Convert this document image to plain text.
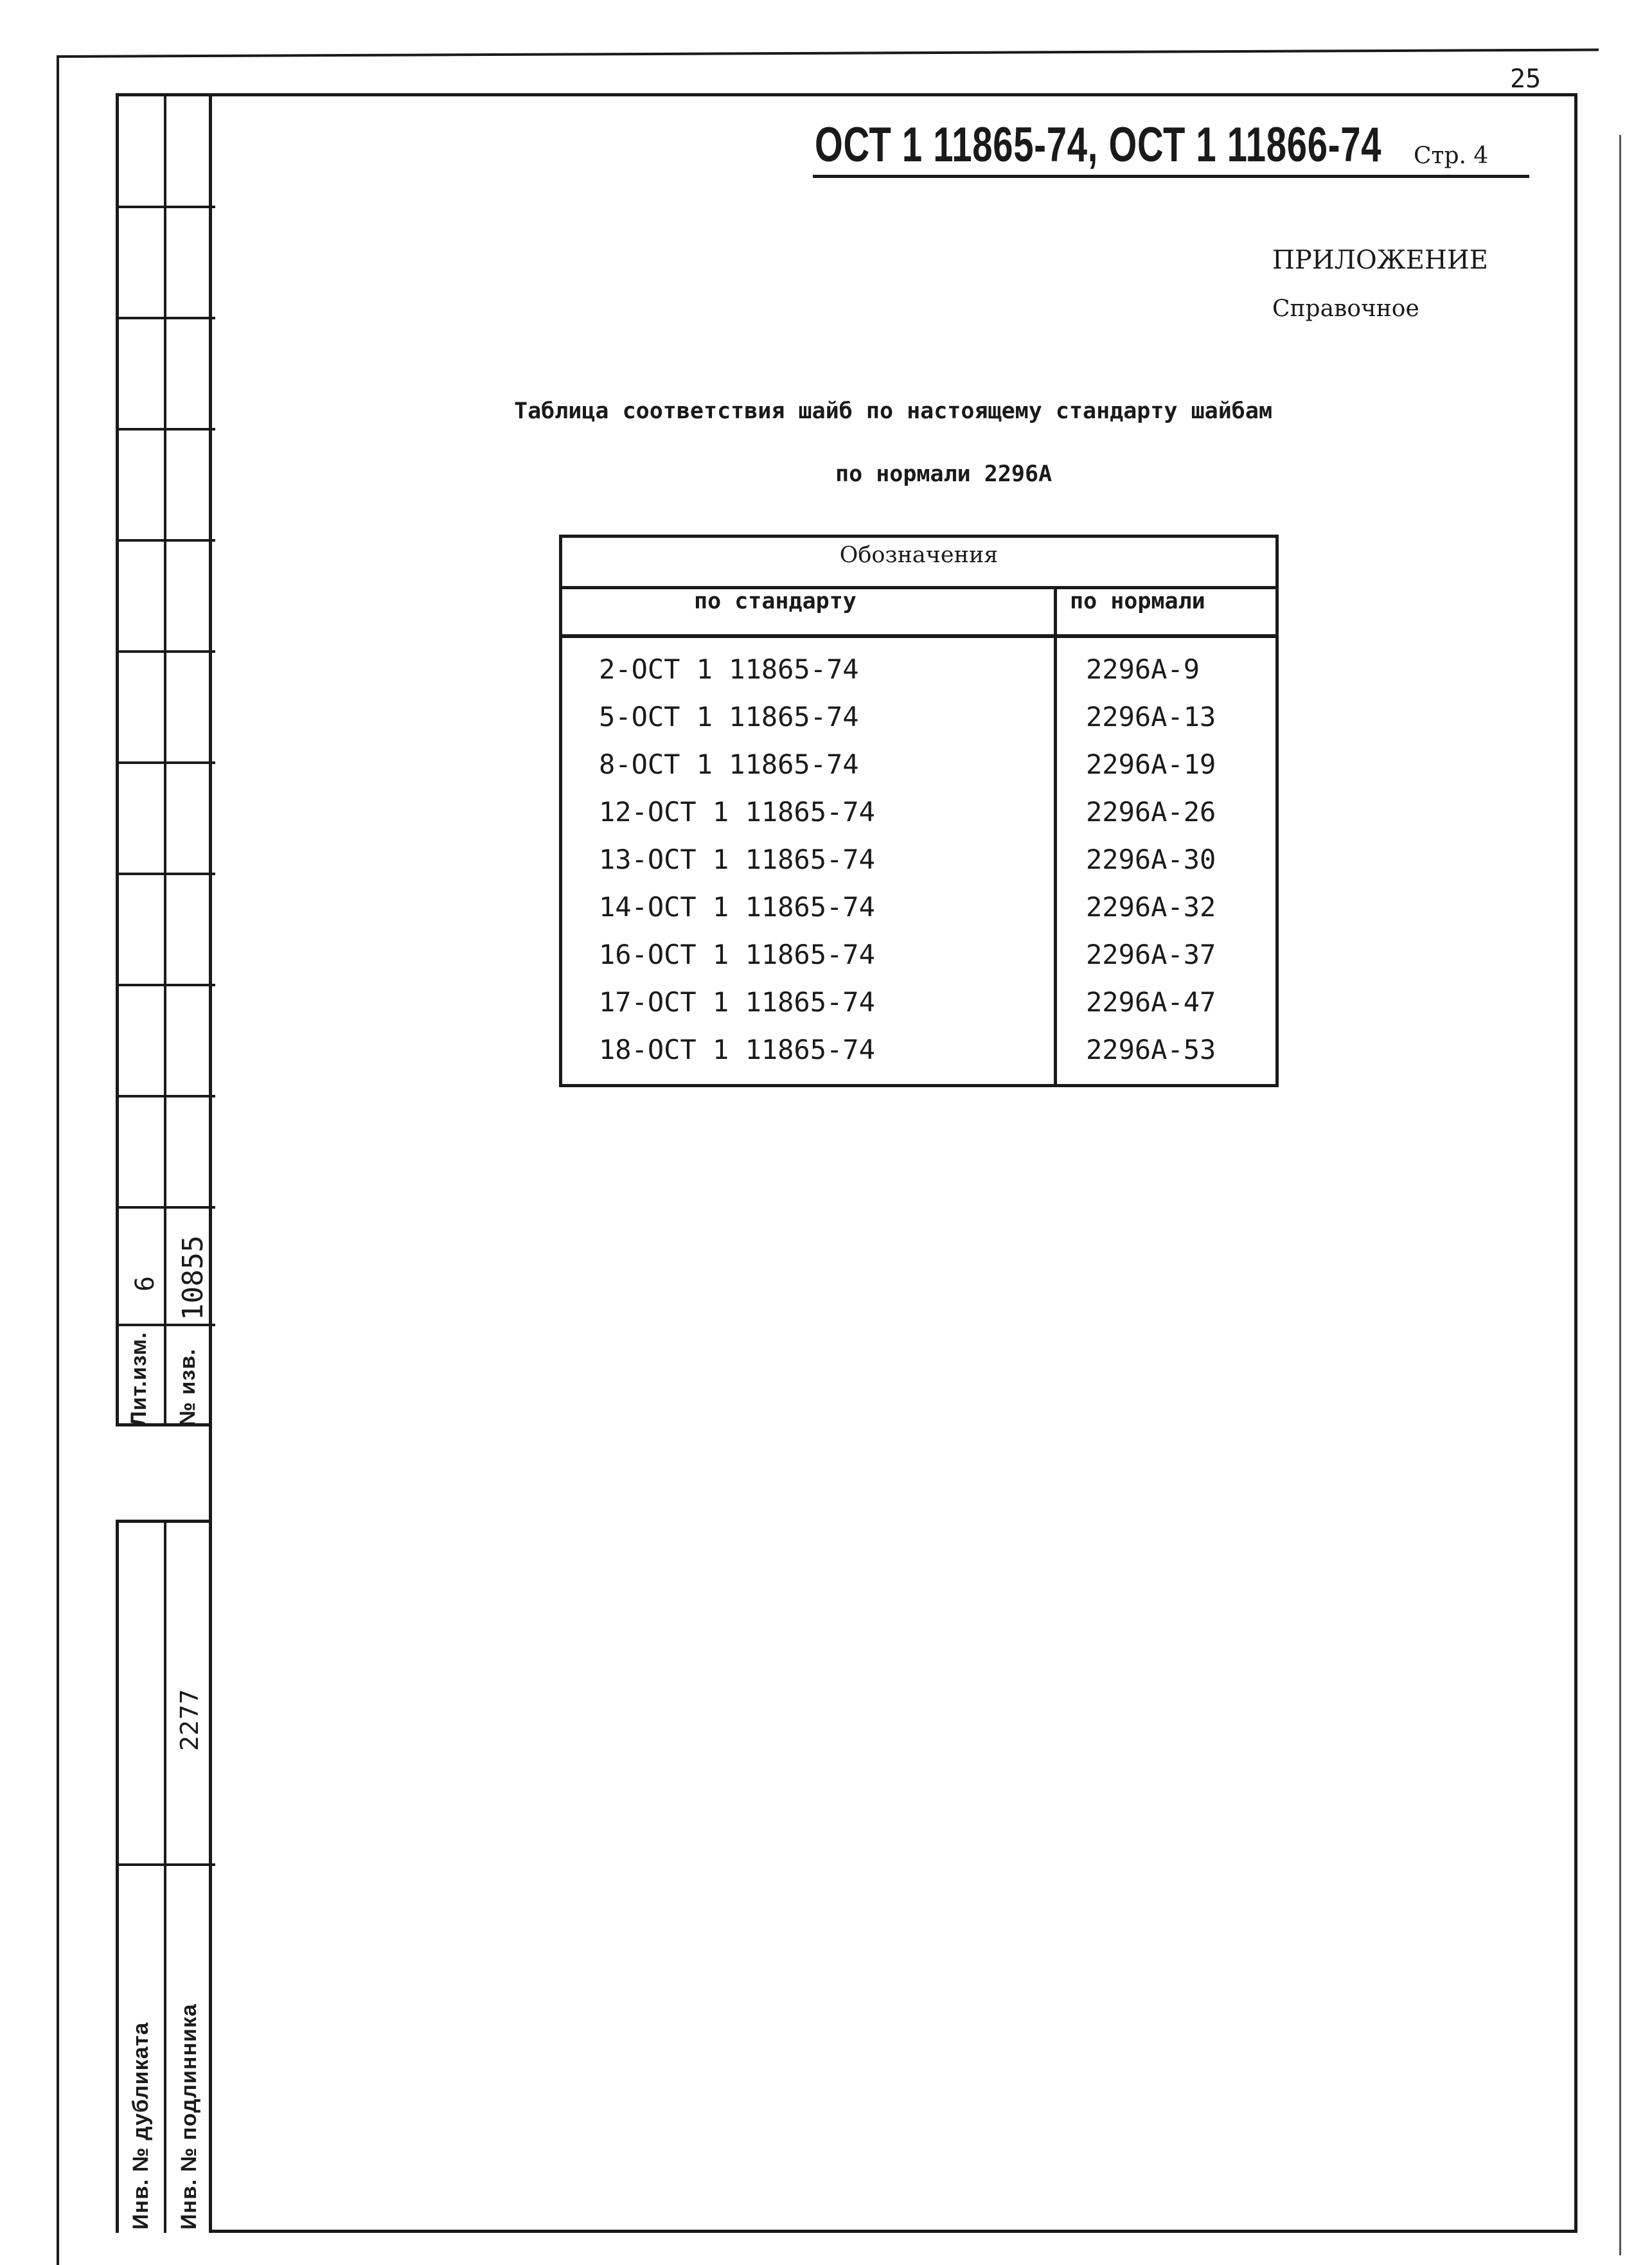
25
ОСТ 1 11865-74, ОСТ 1 11866-74 Стр. 4
ПРИЛОЖЕНИЕ
Справочное
Таблица соответствия шайб по настоящему стандарту шайбам
по нормали 2296А
Обозначения
по стандарту	по нормали
2-ОСТ 1 11865-74	2296А-9
5-ОСТ 1 11865-74	2296А-13
8-ОСТ 1 11865-74	2296А-19
12-ОСТ 1 11865-74	2296А-26
13-ОСТ 1 11865-74	2296А-30
14-ОСТ 1 11865-74	2296А-32
16-ОСТ 1 11865-74	2296А-37
17-ОСТ 1 11865-74	2296А-47
18-ОСТ 1 11865-74	2296А-53
Лит.изм.
6
№ изв.
10855
Инв. № дубликата Инв. № подлинника
2277
